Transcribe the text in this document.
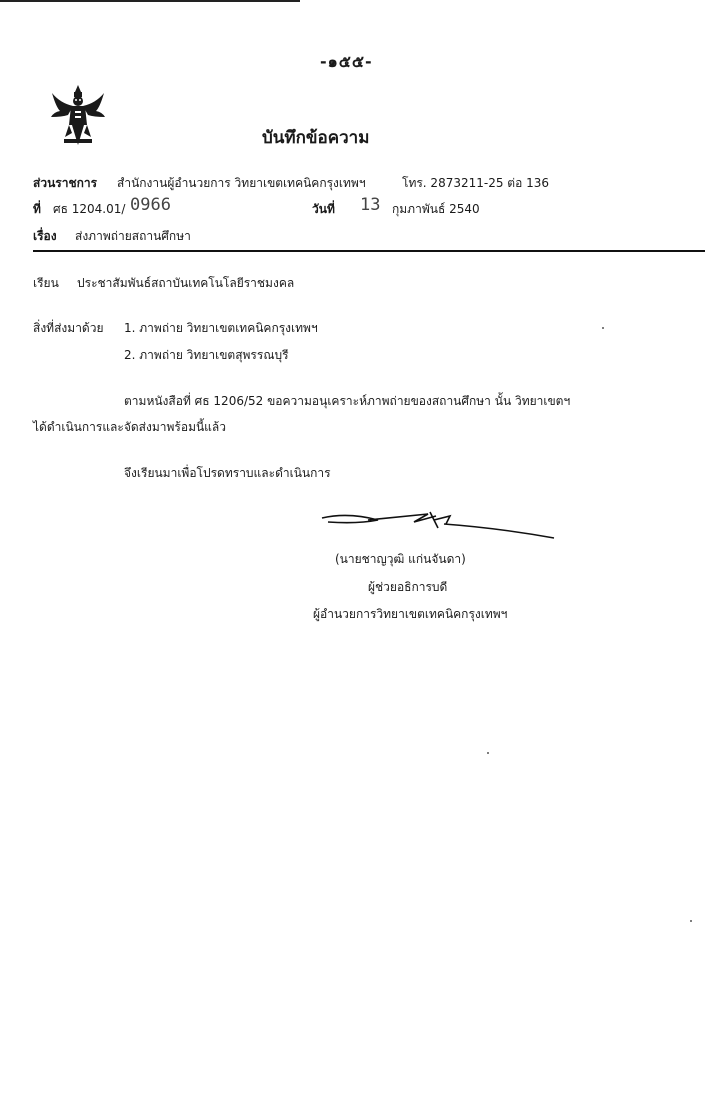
-๑๕๕-
บันทึกข้อความ
ส่วนราชการ สำนักงานผู้อำนวยการ วิทยาเขตเทคนิคกรุงเทพฯ	โทร. 2873211-25 ต่อ 136
ที่ ศธ 1204.01/ 0966	วันที่ 13 กุมภาพันธ์ 2540
เรื่อง ส่งภาพถ่ายสถานศึกษา
เรียน ประชาสัมพันธ์สถาบันเทคโนโลยีราชมงคล
สิ่งที่ส่งมาด้วย 1. ภาพถ่าย วิทยาเขตเทคนิคกรุงเทพฯ
2. ภาพถ่าย วิทยาเขตสุพรรณบุรี
ตามหนังสือที่ ศธ 1206/52 ขอความอนุเคราะห์ภาพถ่ายของสถานศึกษา นั้น วิทยาเขตฯ
ได้ดำเนินการและจัดส่งมาพร้อมนี้แล้ว
จึงเรียนมาเพื่อโปรดทราบและดำเนินการ
(นายชาญวุฒิ แก่นจันดา)
ผู้ช่วยอธิการบดี
ผู้อำนวยการวิทยาเขตเทคนิคกรุงเทพฯ
